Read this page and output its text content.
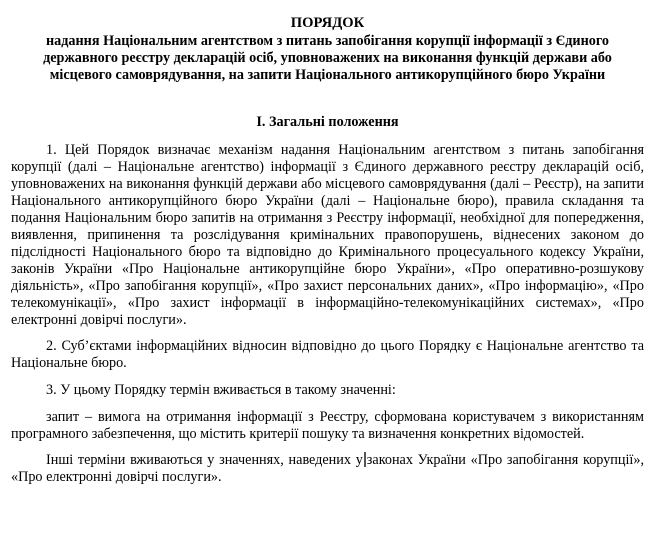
ПОРЯДОК
надання Національним агентством з питань запобігання корупції інформації з Єдиного державного реєстру декларацій осіб, уповноважених на виконання функцій держави або місцевого самоврядування, на запити Національного антикорупційного бюро України
І. Загальні положення

1. Цей Порядок визначає механізм надання Національним агентством з питань запобігання корупції (далі – Національне агентство) інформації з Єдиного державного реєстру декларацій осіб, уповноважених на виконання функцій держави або місцевого самоврядування (далі – Реєстр), на запити Національного антикорупційного бюро України (далі – Національне бюро), правила складання та подання Національним бюро запитів на отримання з Реєстру інформації, необхідної для попередження, виявлення, припинення та розслідування кримінальних правопорушень, віднесених законом до підслідності Національного бюро та відповідно до Кримінального процесуального кодексу України, законів України «Про Національне антикорупційне бюро України», «Про оперативно-розшукову діяльність», «Про запобігання корупції», «Про захист персональних даних», «Про інформацію», «Про телекомунікації», «Про захист інформації в інформаційно-телекомунікаційних системах», «Про електронні довірчі послуги».

2. Суб’єктами інформаційних відносин відповідно до цього Порядку є Національне агентство та Національне бюро.

3. У цьому Порядку термін вживається в такому значенні:

запит – вимога на отримання інформації з Реєстру, сформована користувачем з використанням програмного забезпечення, що містить критерії пошуку та визначення конкретних відомостей.

Інші терміни вживаються у значеннях, наведених у законах України «Про запобігання корупції», «Про електронні довірчі послуги».
